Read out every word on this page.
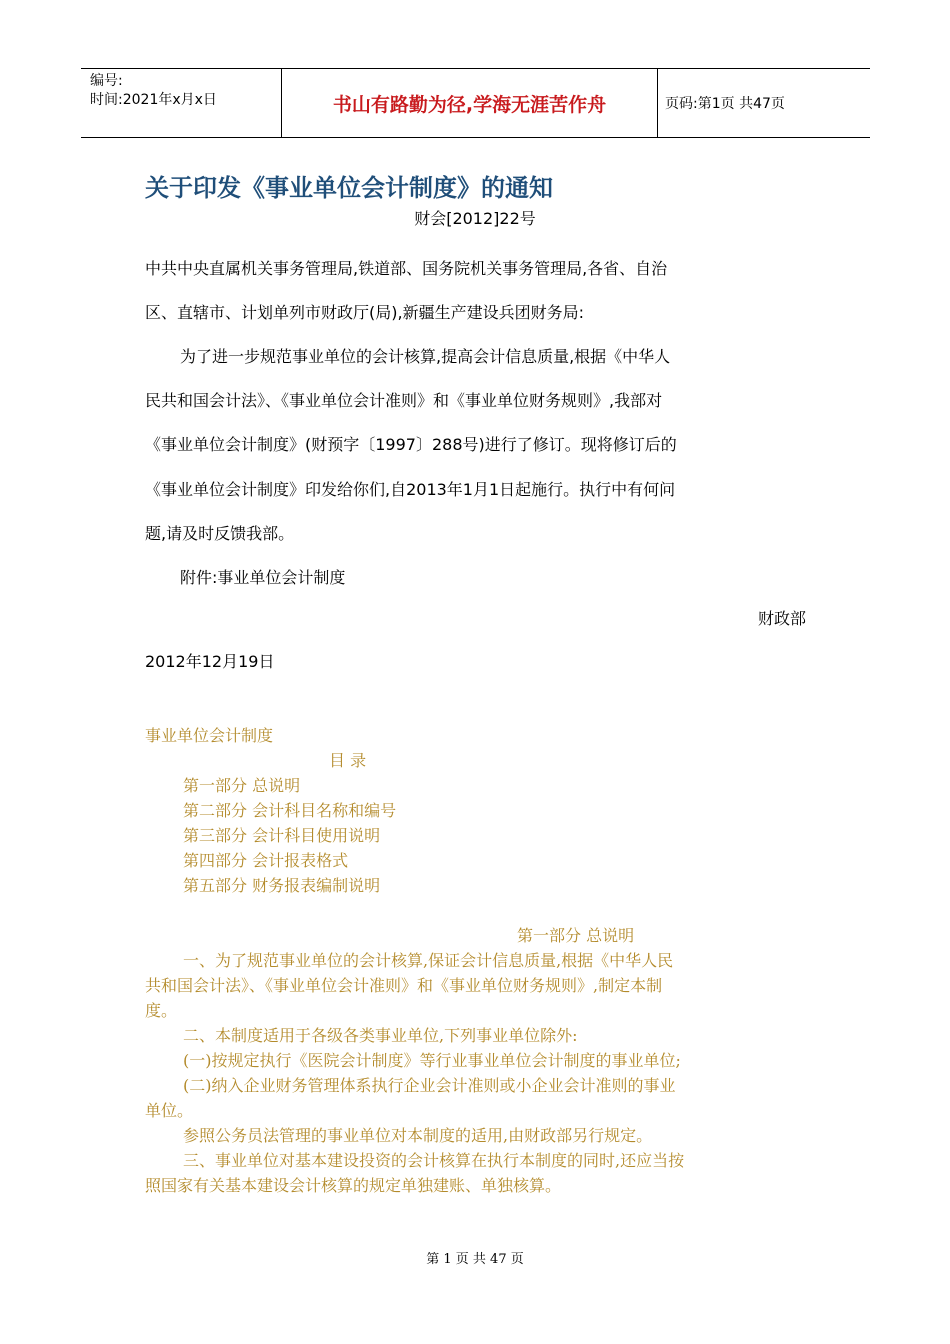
编号:
时间:2021年x月x日	书山有路勤为径,学海无涯苦作舟	页码:第1页 共47页
关于印发《事业单位会计制度》的通知
财会[2012]22号
中共中央直属机关事务管理局,铁道部、国务院机关事务管理局,各省、自治
区、直辖市、计划单列市财政厅(局),新疆生产建设兵团财务局:
为了进一步规范事业单位的会计核算,提高会计信息质量,根据《中华人
民共和国会计法》、《事业单位会计准则》和《事业单位财务规则》,我部对
《事业单位会计制度》(财预字〔1997〕288号)进行了修订。现将修订后的
《事业单位会计制度》印发给你们,自2013年1月1日起施行。执行中有何问
题,请及时反馈我部。
附件:事业单位会计制度
财政部
2012年12月19日
事业单位会计制度
目 录
第一部分 总说明
第二部分 会计科目名称和编号
第三部分 会计科目使用说明
第四部分 会计报表格式
第五部分 财务报表编制说明
第一部分 总说明
一、为了规范事业单位的会计核算,保证会计信息质量,根据《中华人民
共和国会计法》、《事业单位会计准则》和《事业单位财务规则》,制定本制
度。
二、本制度适用于各级各类事业单位,下列事业单位除外:
(一)按规定执行《医院会计制度》等行业事业单位会计制度的事业单位;
(二)纳入企业财务管理体系执行企业会计准则或小企业会计准则的事业
单位。
参照公务员法管理的事业单位对本制度的适用,由财政部另行规定。
三、事业单位对基本建设投资的会计核算在执行本制度的同时,还应当按
照国家有关基本建设会计核算的规定单独建账、单独核算。
第 1 页 共 47 页
